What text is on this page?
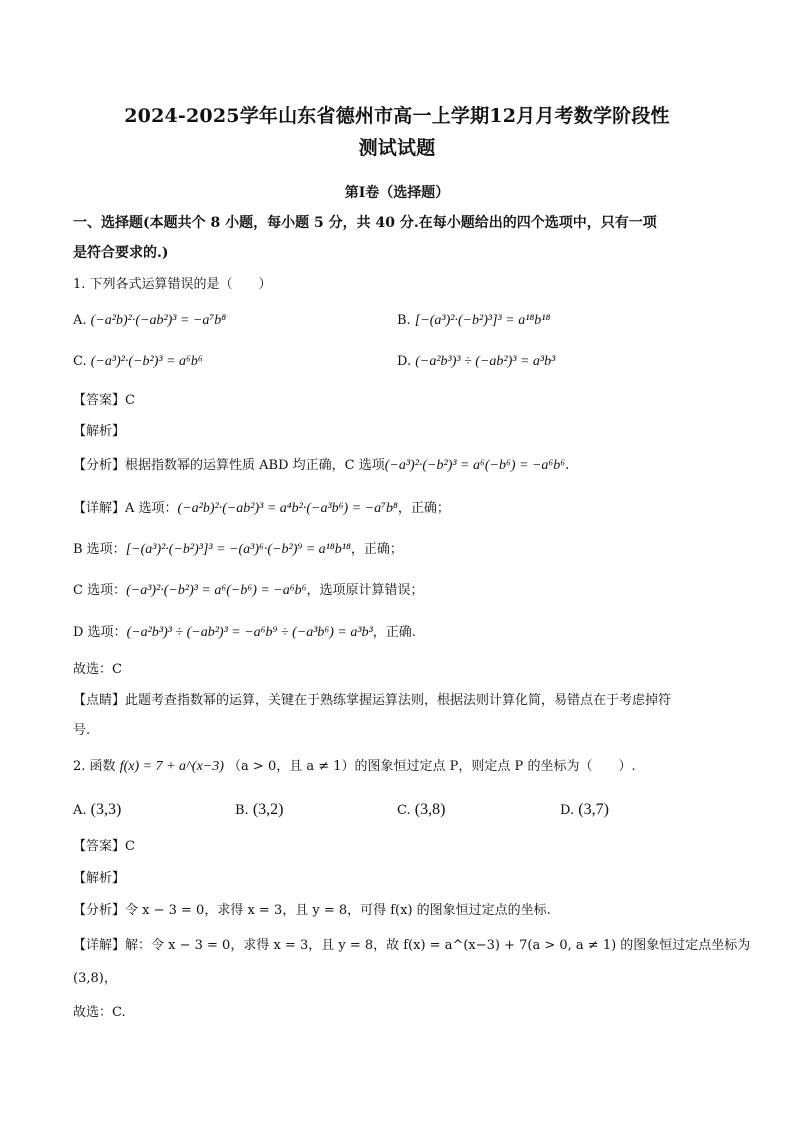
2024-2025学年山东省德州市高一上学期12月月考数学阶段性
测试试题
第I卷（选择题）
一、选择题(本题共个 8 小题，每小题 5 分，共 40 分.在每小题给出的四个选项中，只有一项
是符合要求的.)
1. 下列各式运算错误的是（　　）
A. (−a²b)²·(−ab²)³ = −a⁷b⁸	B. [−(a³)²·(−b²)³]³ = a¹⁸b¹⁸
C. (−a³)²·(−b²)³ = a⁶b⁶	D. (−a²b³)³ ÷ (−ab²)³ = a³b³
【答案】C
【解析】
【分析】根据指数幂的运算性质 ABD 均正确，C 选项(−a³)²·(−b²)³ = a⁶(−b⁶) = −a⁶b⁶.
【详解】A 选项：(−a²b)²·(−ab²)³ = a⁴b²·(−a³b⁶) = −a⁷b⁸，正确；
B 选项：[−(a³)²·(−b²)³]³ = −(a³)⁶·(−b²)⁹ = a¹⁸b¹⁸，正确；
C 选项：(−a³)²·(−b²)³ = a⁶(−b⁶) = −a⁶b⁶，选项原计算错误；
D 选项：(−a²b³)³ ÷ (−ab²)³ = −a⁶b⁹ ÷ (−a³b⁶) = a³b³，正确.
故选：C
【点睛】此题考查指数幂的运算，关键在于熟练掌握运算法则，根据法则计算化简，易错点在于考虑掉符
号.
2. 函数 f(x) = 7 + a^(x−3) （a > 0，且 a ≠ 1）的图象恒过定点 P，则定点 P 的坐标为（　　）.
A. (3,3)	B. (3,2)	C. (3,8)	D. (3,7)
【答案】C
【解析】
【分析】令 x − 3 = 0，求得 x = 3，且 y = 8，可得 f(x) 的图象恒过定点的坐标.
【详解】解：令 x − 3 = 0，求得 x = 3，且 y = 8，故 f(x) = a^(x−3) + 7(a > 0, a ≠ 1) 的图象恒过定点坐标为
(3,8)，
故选：C.
